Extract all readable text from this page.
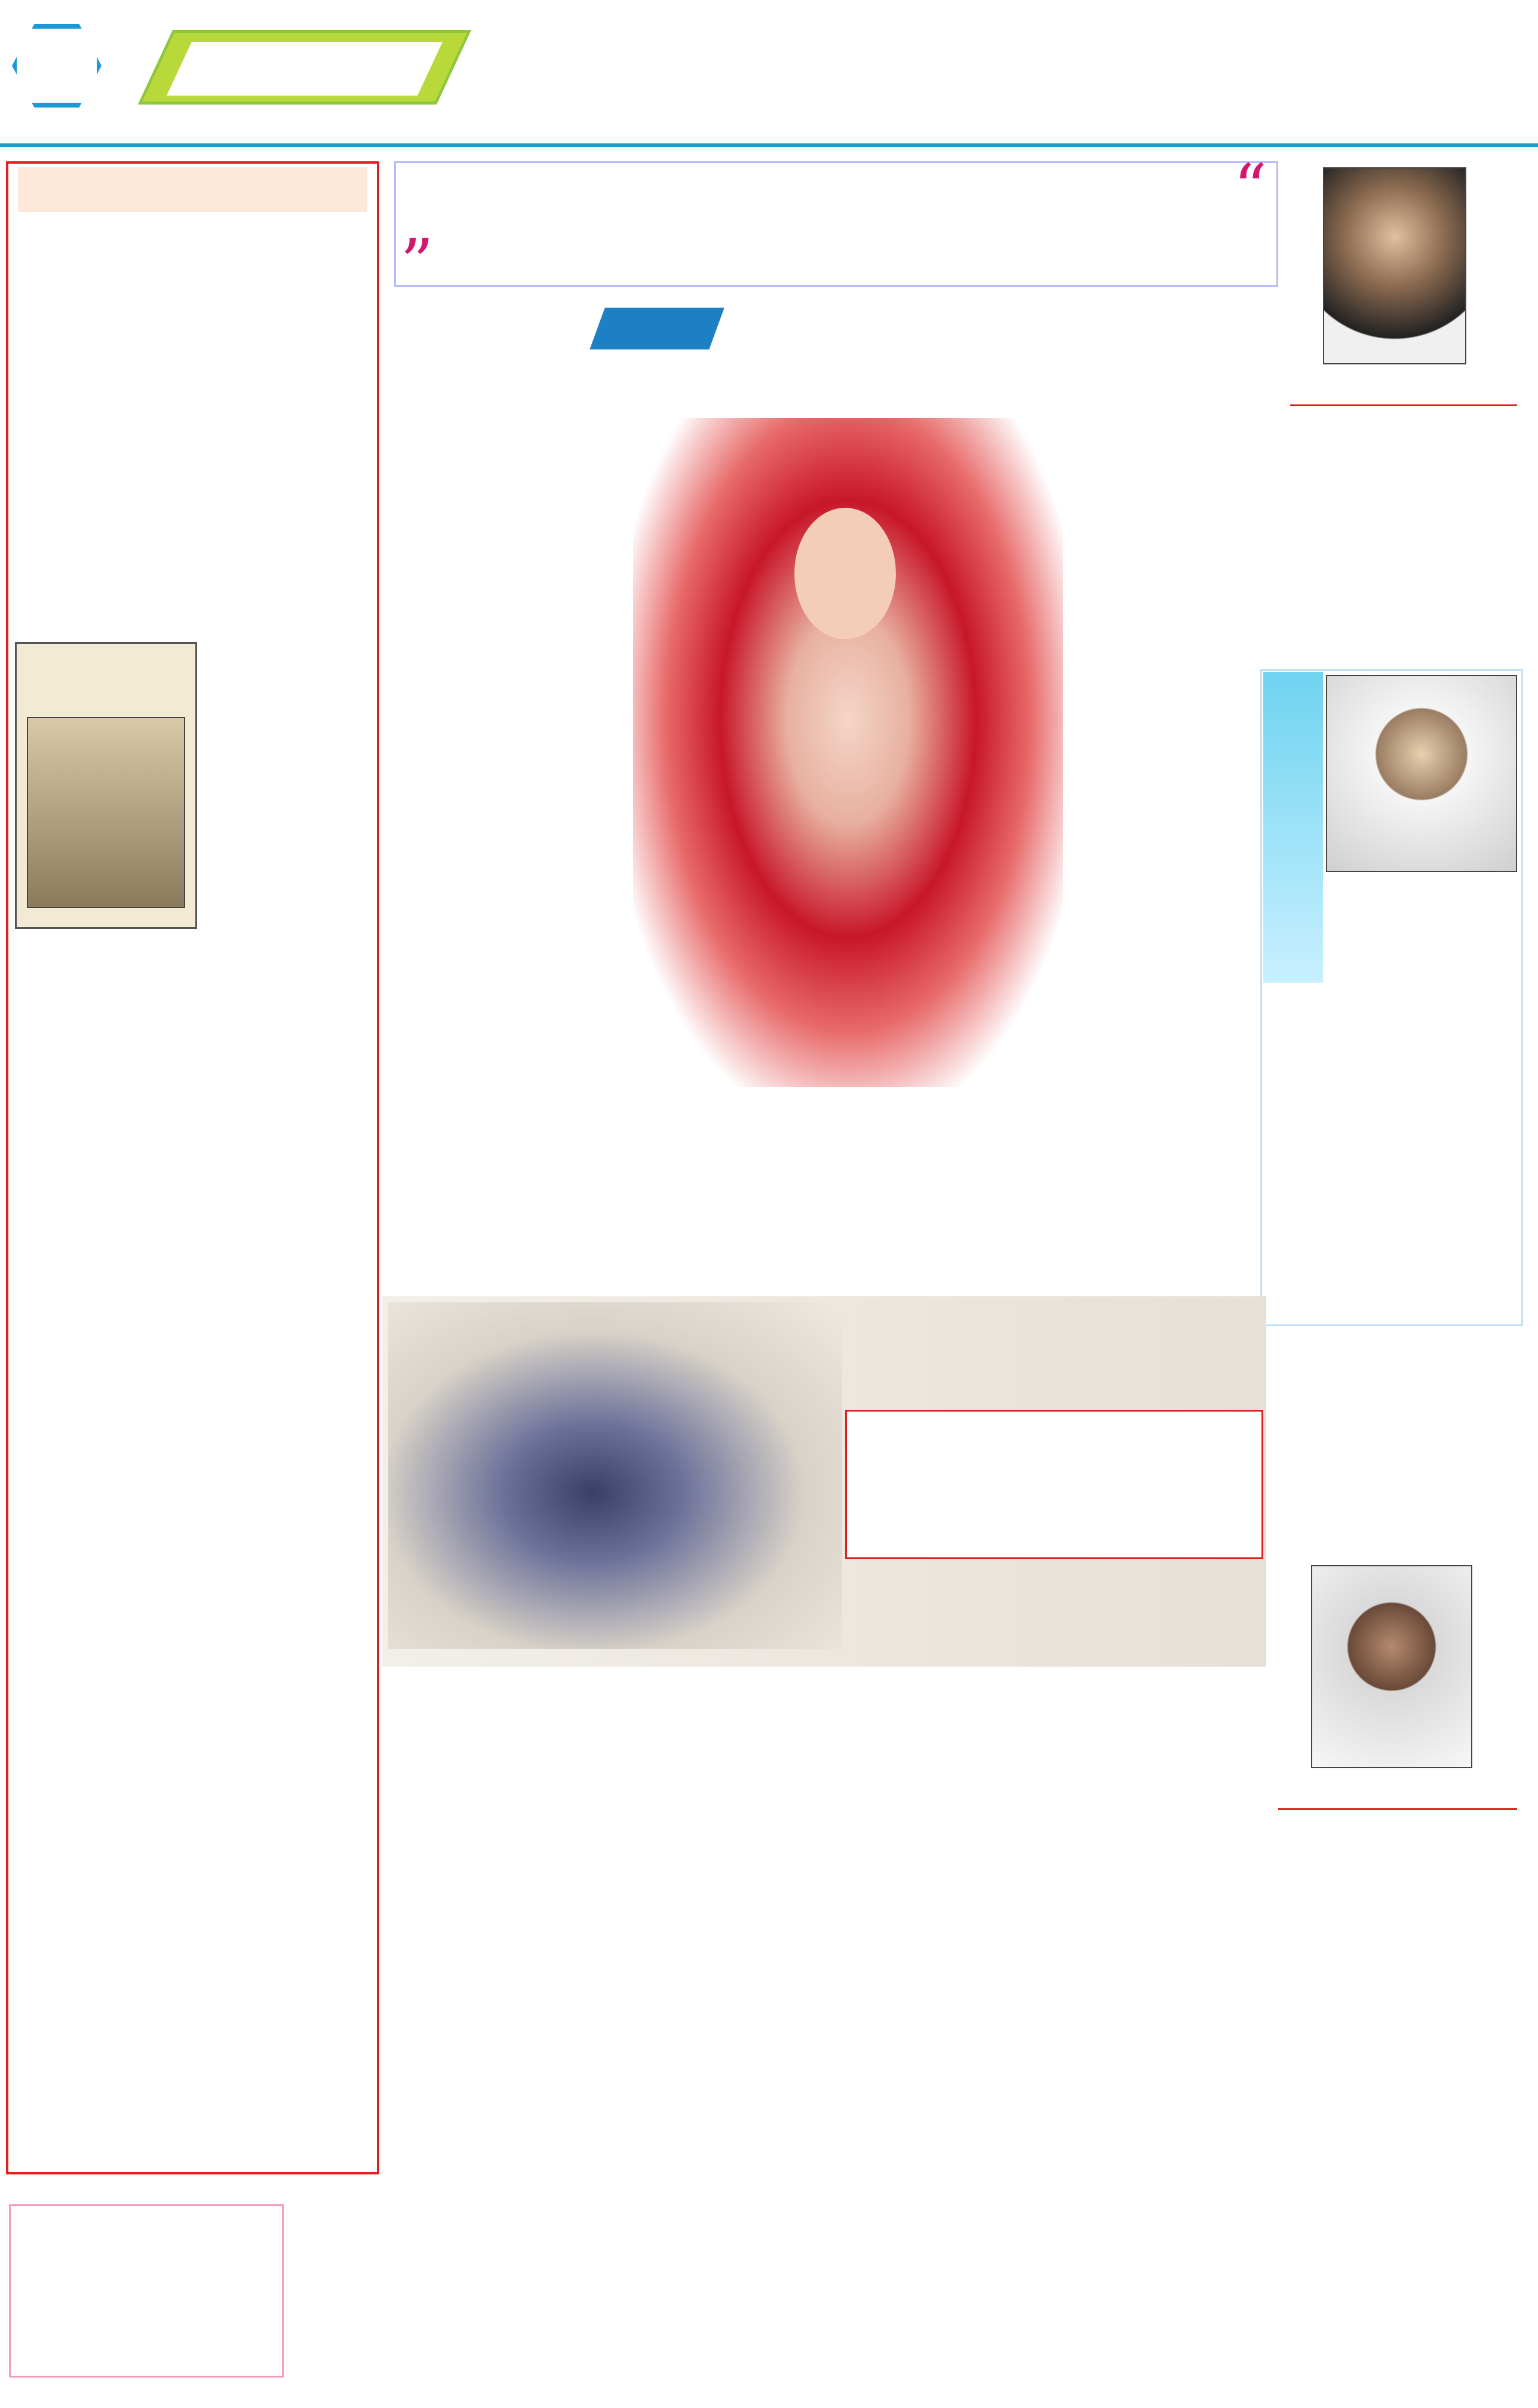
“
”
